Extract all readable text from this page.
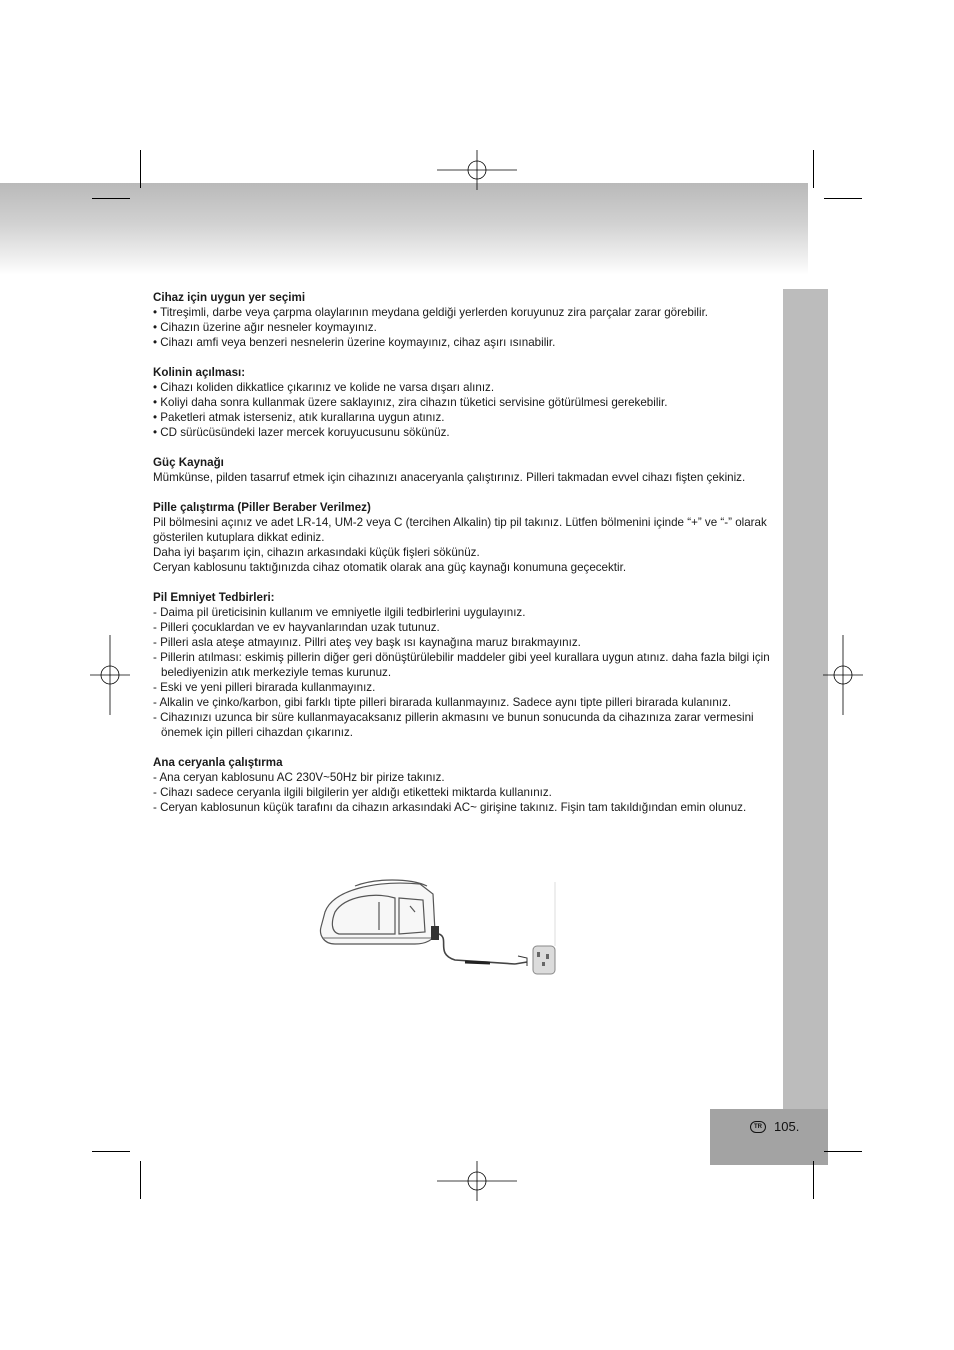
TR 105.
Cihaz için uygun yer seçimi
• Titreşimli, darbe veya çarpma olaylarının meydana geldiği yerlerden koruyunuz zira parçalar zarar görebilir.
• Cihazın üzerine ağır nesneler koymayınız.
• Cihazı amfi veya benzeri nesnelerin üzerine koymayınız, cihaz aşırı ısınabilir.
Kolinin açılması:
• Cihazı koliden dikkatlice çıkarınız ve kolide ne varsa dışarı alınız.
• Koliyi daha sonra kullanmak üzere saklayınız, zira cihazın tüketici servisine götürülmesi gerekebilir.
• Paketleri atmak isterseniz, atık kurallarına uygun atınız.
• CD sürücüsündeki lazer mercek koruyucusunu sökünüz.
Güç Kaynağı

Mümkünse, pilden tasarruf etmek için cihazınızı anaceryanla çalıştırınız. Pilleri takmadan evvel cihazı fişten çekiniz.

Pille çalıştırma (Piller Beraber Verilmez)

Pil bölmesini açınız ve adet LR-14, UM-2 veya C (tercihen Alkalin) tip pil takınız. Lütfen bölmenini içinde “+” ve “-” olarak gösterilen kutuplara dikkat ediniz.

Daha iyi başarım için, cihazın arkasındaki küçük fişleri sökünüz.

Ceryan kablosunu taktığınızda cihaz otomatik olarak ana güç kaynağı konumuna geçecektir.

Pil Emniyet Tedbirleri:
- Daima pil üreticisinin kullanım ve emniyetle ilgili tedbirlerini uygulayınız.
- Pilleri çocuklardan ve ev hayvanlarından uzak tutunuz.
- Pilleri asla ateşe atmayınız. Pillri ateş vey başk ısı kaynağına maruz bırakmayınız.
- Pillerin atılması: eskimiş pillerin diğer geri dönüştürülebilir maddeler gibi yeel kurallara uygun atınız. daha fazla bilgi için belediyenizin atık merkeziyle temas kurunuz.
- Eski ve yeni pilleri birarada kullanmayınız.
- Alkalin ve çinko/karbon, gibi farklı tipte pilleri birarada kullanmayınız. Sadece aynı tipte pilleri birarada kulanınız.
- Cihazınızı uzunca bir süre kullanmayacaksanız pillerin akmasını ve bunun sonucunda da cihazınıza zarar vermesini önemek için pilleri cihazdan çıkarınız.
Ana ceryanla çalıştırma
- Ana ceryan kablosunu AC 230V~50Hz bir pirize takınız.
- Cihazı sadece ceryanla ilgili bilgilerin yer aldığı etiketteki miktarda kullanınız.
- Ceryan kablosunun küçük tarafını da cihazın arkasındaki AC~ girişine takınız. Fişin tam takıldığından emin olunuz.
